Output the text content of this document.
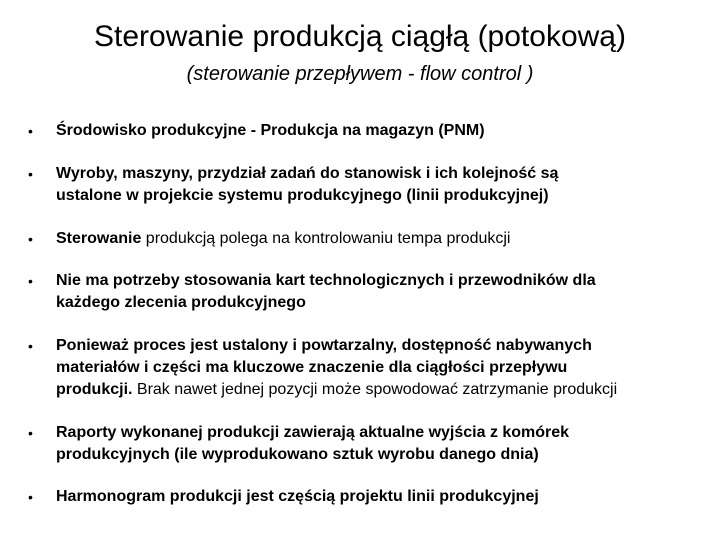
Sterowanie produkcją ciągłą (potokową)
(sterowanie przepływem - flow control )
• Środowisko produkcyjne - Produkcja na magazyn (PNM)
• Wyroby, maszyny, przydział zadań do stanowisk i ich kolejność są
ustalone w projekcie systemu produkcyjnego (linii produkcyjnej)
• Sterowanie produkcją polega na kontrolowaniu tempa produkcji
• Nie ma potrzeby stosowania kart technologicznych i przewodników dla
każdego zlecenia produkcyjnego
• Ponieważ proces jest ustalony i powtarzalny, dostępność nabywanych
materiałów i części ma kluczowe znaczenie dla ciągłości przepływu
produkcji. Brak nawet jednej pozycji może spowodować zatrzymanie produkcji
• Raporty wykonanej produkcji zawierają aktualne wyjścia z komórek
produkcyjnych (ile wyprodukowano sztuk wyrobu danego dnia)
• Harmonogram produkcji jest częścią projektu linii produkcyjnej
